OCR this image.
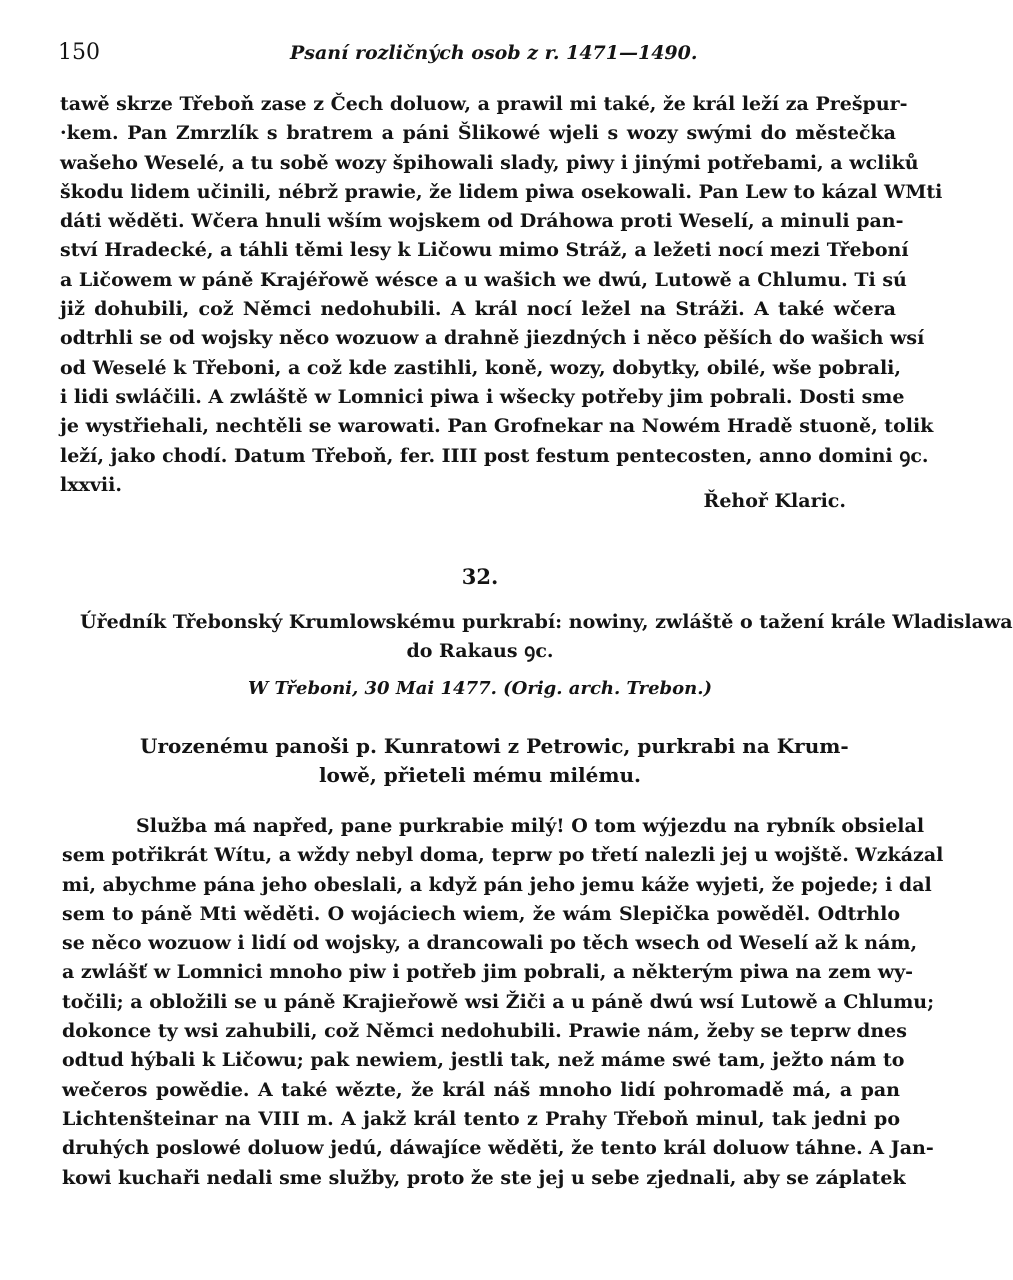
150	Psaní rozličných osob z r. 1471—1490.
tawě skrze Třeboň zase z Čech doluow, a prawil mi také, že král leží za Prešpur-
·kem. Pan Zmrzlík s bratrem a páni Šlikowé wjeli s wozy swými do městečka
wašeho Weselé, a tu sobě wozy špihowali slady, piwy i jinými potřebami, a wcliků
škodu lidem učinili, nébrž prawie, že lidem piwa osekowali. Pan Lew to kázal WMti
dáti wěděti. Wčera hnuli wším wojskem od Dráhowa proti Weselí, a minuli pan-
ství Hradecké, a táhli těmi lesy k Ličowu mimo Stráž, a ležeti nocí mezi Třeboní
a Ličowem w páně Krajéřowě wésce a u wašich we dwú, Lutowě a Chlumu. Ti sú
již dohubili, což Němci nedohubili. A král nocí ležel na Stráži. A také wčera
odtrhli se od wojsky něco wozuow a drahně jiezdných i něco pěších do wašich wsí
od Weselé k Třeboni, a což kde zastihli, koně, wozy, dobytky, obilé, wše pobrali,
i lidi swláčili. A zwláště w Lomnici piwa i wšecky potřeby jim pobrali. Dosti sme
je wystřiehali, nechtěli se warowati. Pan Grofnekar na Nowém Hradě stuoně, tolik
leží, jako chodí. Datum Třeboň, fer. IIII post festum pentecosten, anno domini ꝯc.
lxxvii.
Řehoř Klaric.
32.
Úředník Třebonský Krumlowskému purkrabí: nowiny, zwláště o tažení krále Wladislawa
do Rakaus ꝯc.
W Třeboni, 30 Mai 1477. (Orig. arch. Trebon.)
Urozenému panoši p. Kunratowi z Petrowic, purkrabi na Krum-
lowě, přieteli mému milému.
Službа má napřed, pane purkrabie milý! O tom wýjezdu na rybník obsielal
sem potřikrát Wítu, a wždy nebyl doma, teprw po třetí nalezli jej u wojště. Wzkázal
mi, abychme pána jeho obeslali, a když pán jeho jemu káže wyjeti, že pojede; i dal
sem to páně Mti wěděti. O wojáciech wiem, že wám Slepička powěděl. Odtrhlo
se něco wozuow i lidí od wojsky, a drancowali po těch wsech od Weselí až k nám,
a zwlášť w Lomnici mnoho piw i potřeb jim pobrali, a některým piwa na zem wy-
točili; a obložili se u páně Krajieřowě wsi Žiči a u páně dwú wsí Lutowě a Chlumu;
dokonce ty wsi zahubili, což Němci nedohubili. Prawie nám, žeby se teprw dnes
odtud hýbali k Ličowu; pak newiem, jestli tak, než máme swé tam, ježto nám to
wečeros powědie. A také wězte, že král náš mnoho lidí pohromadě má, a pan
Lichtenšteinar na VIII m. A jakž král tento z Prahy Třeboň minul, tak jedni po
druhých poslowé doluow jedú, dáwajíce wěděti, že tento král doluow táhne. A Jan-
kowi kuchaři nedali sme služby, proto že ste jej u sebe zjednali, aby se záplatek
